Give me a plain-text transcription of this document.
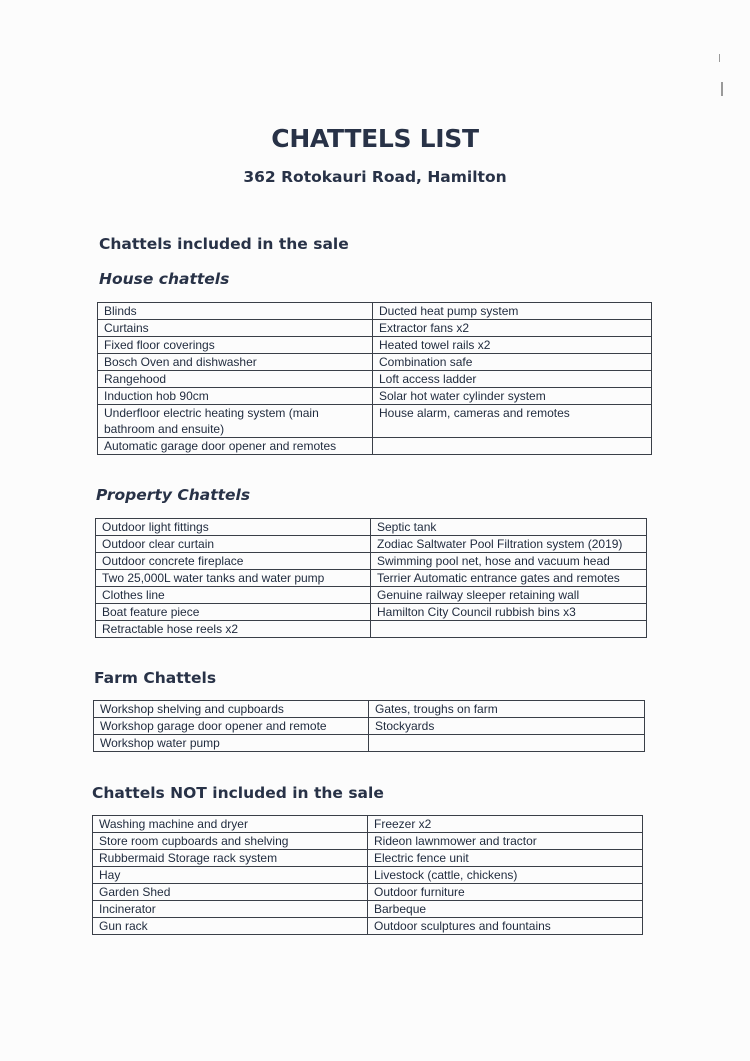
CHATTELS LIST
362 Rotokauri Road, Hamilton
Chattels included in the sale
House chattels
Blinds	Ducted heat pump system
Curtains	Extractor fans x2
Fixed floor coverings	Heated towel rails x2
Bosch Oven and dishwasher	Combination safe
Rangehood	Loft access ladder
Induction hob 90cm	Solar hot water cylinder system
Underfloor electric heating system (main bathroom and ensuite)	House alarm, cameras and remotes
Automatic garage door opener and remotes	
Property Chattels
Outdoor light fittings	Septic tank
Outdoor clear curtain	Zodiac Saltwater Pool Filtration system (2019)
Outdoor concrete fireplace	Swimming pool net, hose and vacuum head
Two 25,000L water tanks and water pump	Terrier Automatic entrance gates and remotes
Clothes line	Genuine railway sleeper retaining wall
Boat feature piece	Hamilton City Council rubbish bins x3
Retractable hose reels x2	
Farm Chattels
Workshop shelving and cupboards	Gates, troughs on farm
Workshop garage door opener and remote	Stockyards
Workshop water pump	
Chattels NOT included in the sale
Washing machine and dryer	Freezer x2
Store room cupboards and shelving	Rideon lawnmower and tractor
Rubbermaid Storage rack system	Electric fence unit
Hay	Livestock (cattle, chickens)
Garden Shed	Outdoor furniture
Incinerator	Barbeque
Gun rack	Outdoor sculptures and fountains
